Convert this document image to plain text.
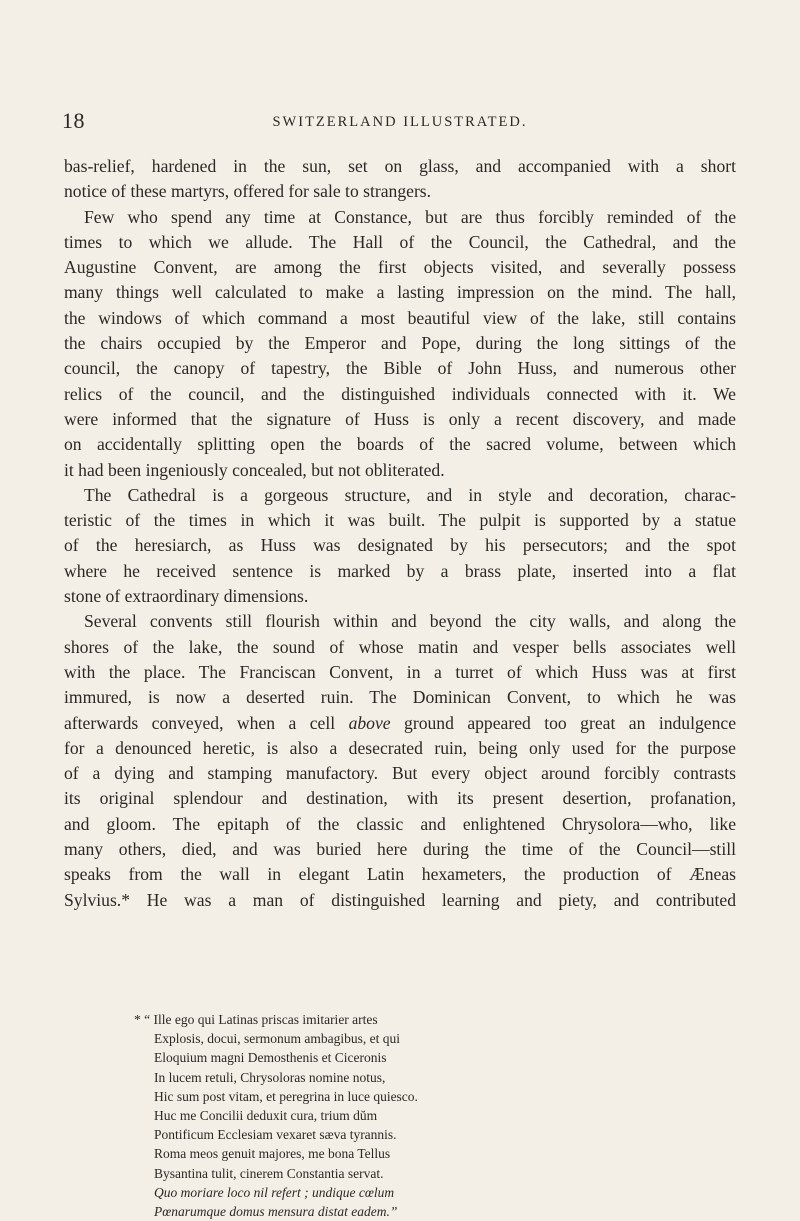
18	SWITZERLAND ILLUSTRATED.
bas-relief, hardened in the sun, set on glass, and accompanied with a short
notice of these martyrs, offered for sale to strangers.
Few who spend any time at Constance, but are thus forcibly reminded of the
times to which we allude. The Hall of the Council, the Cathedral, and the
Augustine Convent, are among the first objects visited, and severally possess
many things well calculated to make a lasting impression on the mind. The hall,
the windows of which command a most beautiful view of the lake, still contains
the chairs occupied by the Emperor and Pope, during the long sittings of the
council, the canopy of tapestry, the Bible of John Huss, and numerous other
relics of the council, and the distinguished individuals connected with it. We
were informed that the signature of Huss is only a recent discovery, and made
on accidentally splitting open the boards of the sacred volume, between which
it had been ingeniously concealed, but not obliterated.
The Cathedral is a gorgeous structure, and in style and decoration, charac-
teristic of the times in which it was built. The pulpit is supported by a statue
of the heresiarch, as Huss was designated by his persecutors; and the spot
where he received sentence is marked by a brass plate, inserted into a flat
stone of extraordinary dimensions.
Several convents still flourish within and beyond the city walls, and along the
shores of the lake, the sound of whose matin and vesper bells associates well
with the place. The Franciscan Convent, in a turret of which Huss was at first
immured, is now a deserted ruin. The Dominican Convent, to which he was
afterwards conveyed, when a cell above ground appeared too great an indulgence
for a denounced heretic, is also a desecrated ruin, being only used for the purpose
of a dying and stamping manufactory. But every object around forcibly contrasts
its original splendour and destination, with its present desertion, profanation,
and gloom. The epitaph of the classic and enlightened Chrysolora—who, like
many others, died, and was buried here during the time of the Council—still
speaks from the wall in elegant Latin hexameters, the production of Æneas
Sylvius.* He was a man of distinguished learning and piety, and contributed
* “ Ille ego qui Latinas priscas imitarier artes
Explosis, docui, sermonum ambagibus, et qui
Eloquium magni Demosthenis et Ciceronis
In lucem retuli, Chrysoloras nomine notus,
Hic sum post vitam, et peregrina in luce quiesco.
Huc me Concilii deduxit cura, trium dŭm
Pontificum Ecclesiam vexaret sæva tyrannis.
Roma meos genuit majores, me bona Tellus
Bysantina tulit, cinerem Constantia servat.
Quo moriare loco nil refert ; undique cœlum
Pœnarumque domus mensura distat eadem.”
